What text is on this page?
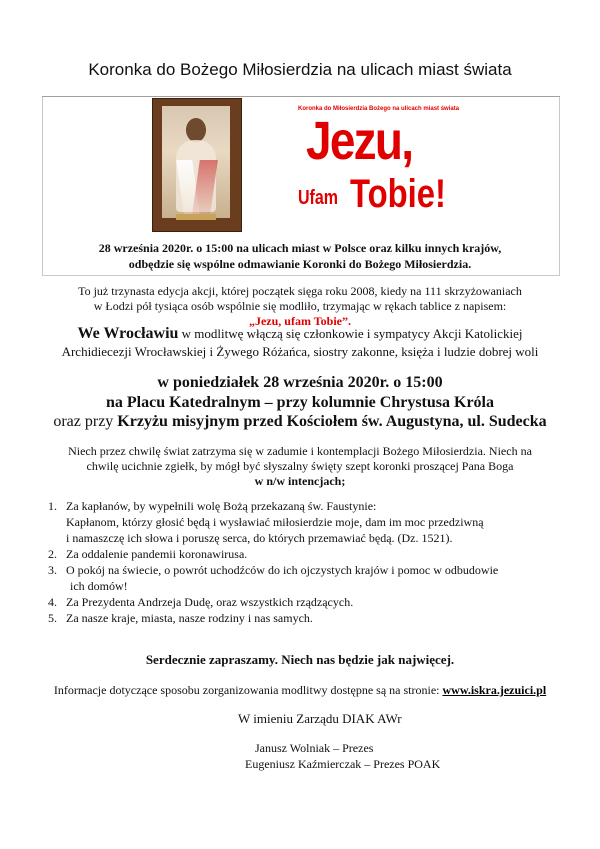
Koronka do Bożego Miłosierdzia na ulicach miast świata
Koronka do Miłosierdzia Bożego na ulicach miast świata
Jezu,
Ufam Tobie!
28 września 2020r. o 15:00 na ulicach miast w Polsce oraz kilku innych krajów,
odbędzie się wspólne odmawianie Koronki do Bożego Miłosierdzia.
To już trzynasta edycja akcji, której początek sięga roku 2008, kiedy na 111 skrzyżowaniach
w Łodzi pół tysiąca osób wspólnie się modliło, trzymając w rękach tablice z napisem:
„Jezu, ufam Tobie”.
We Wrocławiu w modlitwę włączą się członkowie i sympatycy Akcji Katolickiej
Archidiecezji Wrocławskiej i Żywego Różańca, siostry zakonne, księża i ludzie dobrej woli
w poniedziałek 28 września 2020r. o 15:00
na Placu Katedralnym – przy kolumnie Chrystusa Króla
oraz przy Krzyżu misyjnym przed Kościołem św. Augustyna, ul. Sudecka
Niech przez chwilę świat zatrzyma się w zadumie i kontemplacji Bożego Miłosierdzia. Niech na
chwilę ucichnie zgiełk, by mógł być słyszalny święty szept koronki proszącej Pana Boga
w n/w intencjach;
1. Za kapłanów, by wypełnili wolę Bożą przekazaną św. Faustynie:
Kapłanom, którzy głosić będą i wysławiać miłosierdzie moje, dam im moc przedziwną
i namaszczę ich słowa i poruszę serca, do których przemawiać będą. (Dz. 1521).
2. Za oddalenie pandemii koronawirusa.
3. O pokój na świecie, o powrót uchodźców do ich ojczystych krajów i pomoc w odbudowie
ich domów!
4. Za Prezydenta Andrzeja Dudę, oraz wszystkich rządzących.
5. Za nasze kraje, miasta, nasze rodziny i nas samych.
Serdecznie zapraszamy. Niech nas będzie jak najwięcej.
Informacje dotyczące sposobu zorganizowania modlitwy dostępne są na stronie: www.iskra.jezuici.pl
W imieniu Zarządu DIAK AWr
Janusz Wolniak – Prezes
Eugeniusz Kaźmierczak – Prezes POAK
